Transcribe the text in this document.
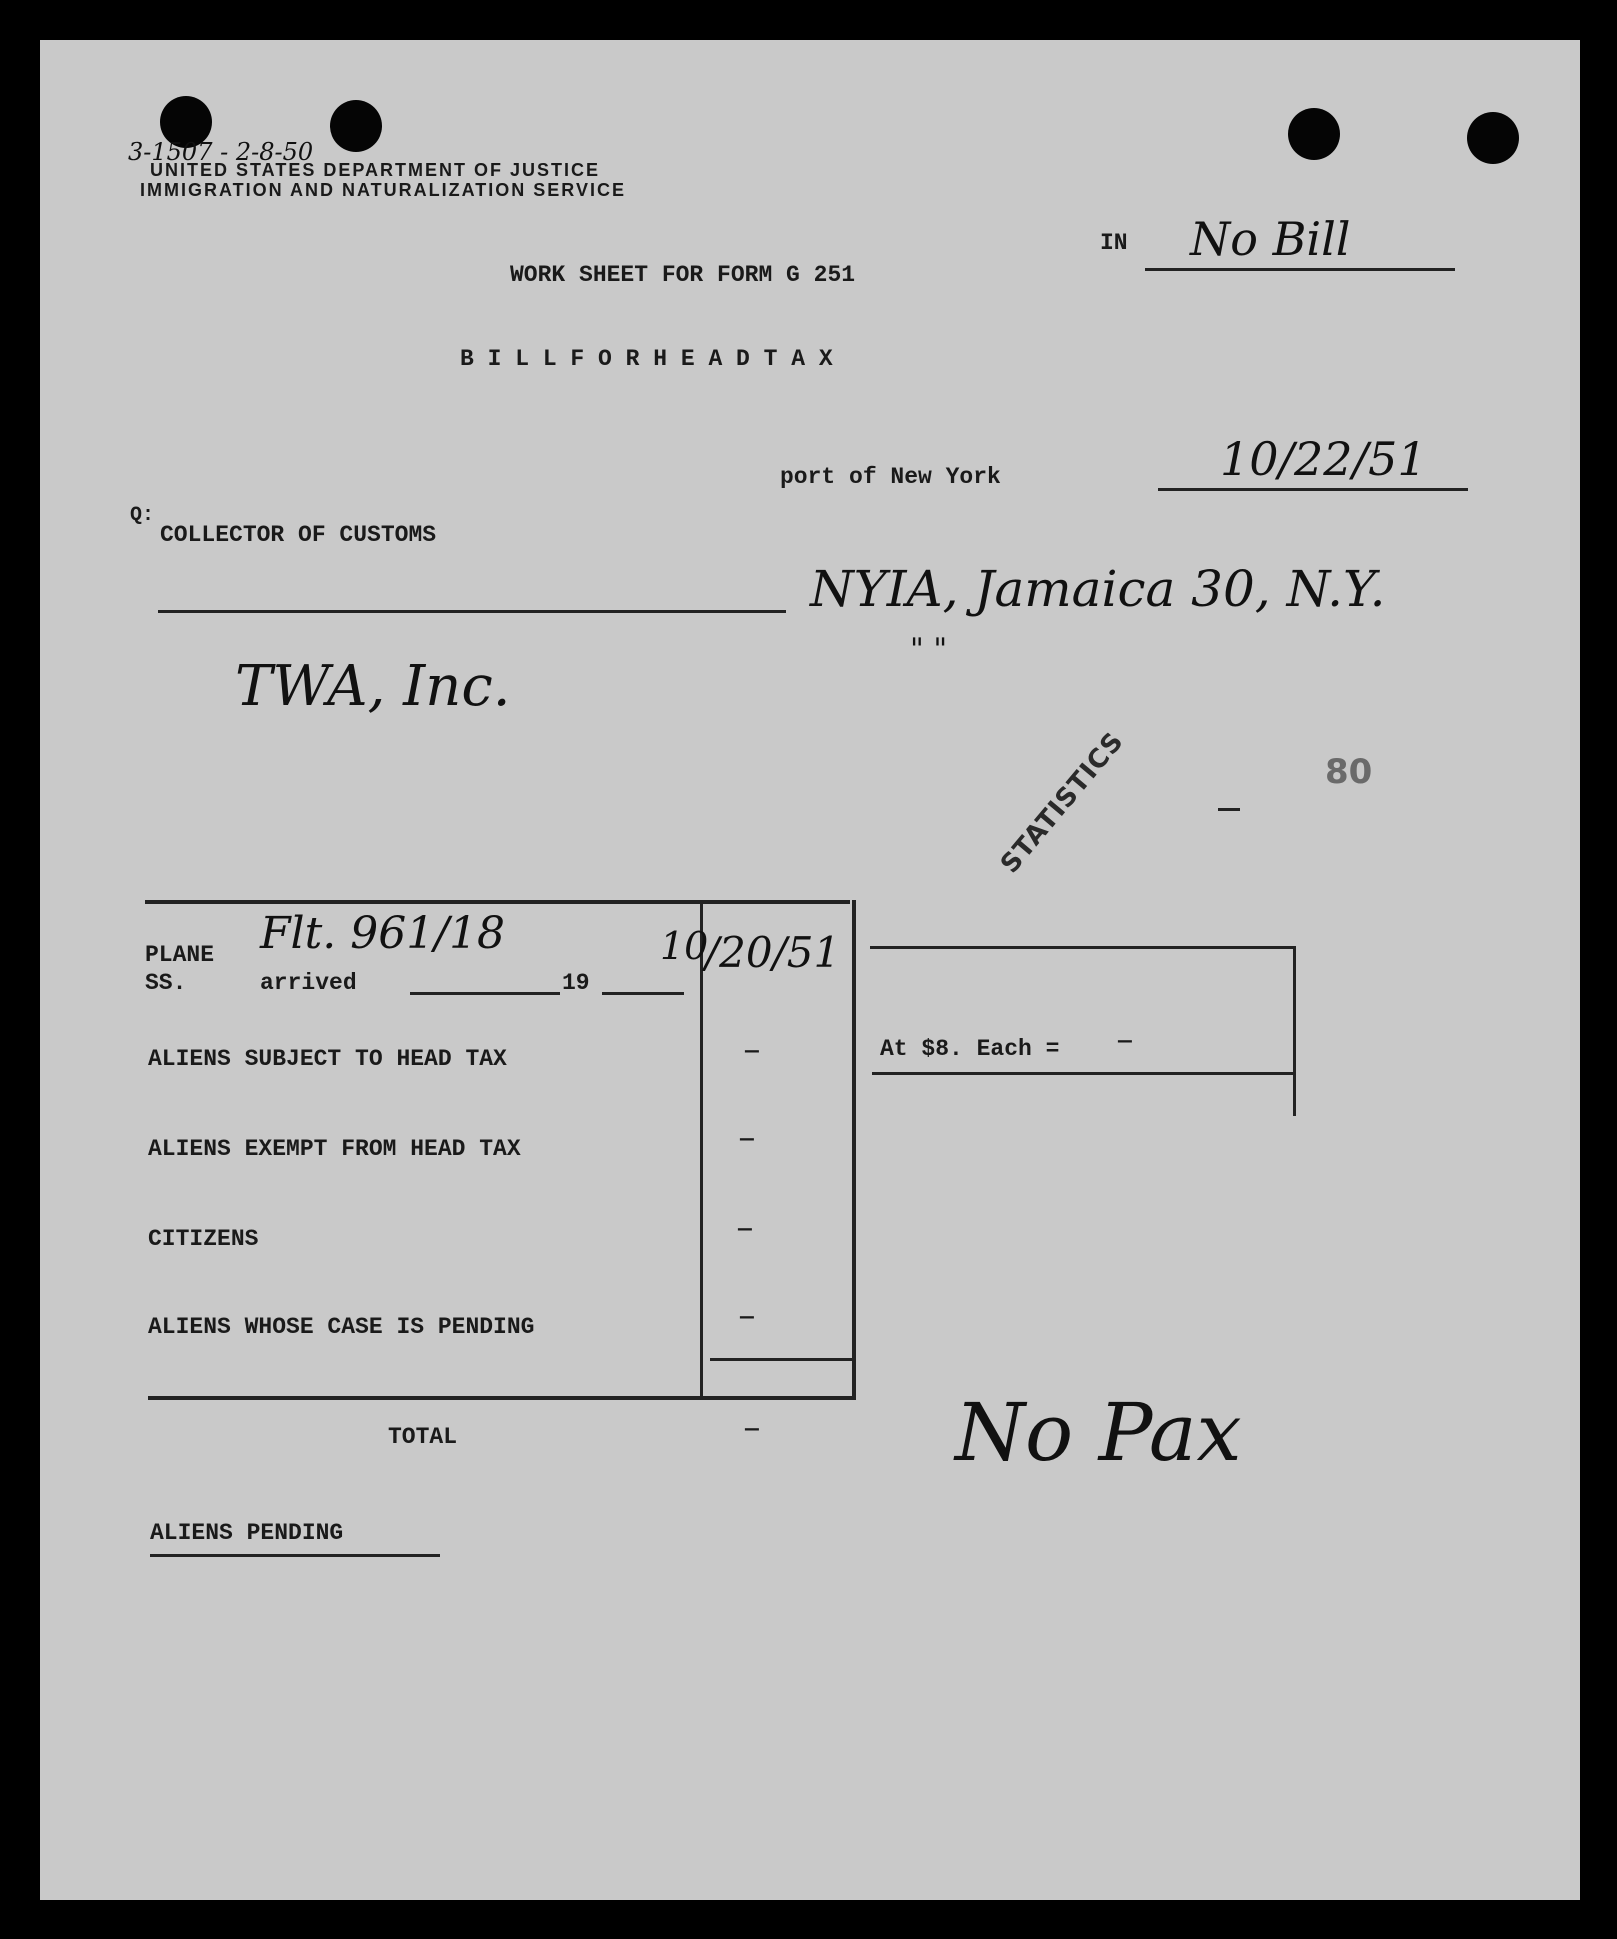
3-1507 - 2-8-50
UNITED STATES DEPARTMENT OF JUSTICE
IMMIGRATION AND NATURALIZATION SERVICE
IN No Bill
WORK SHEET FOR FORM G 251
B I L L F O R H E A D T A X
port of New York	10/22/51
Q:
COLLECTOR OF CUSTOMS
NYIA, Jamaica 30, N.Y.
" "
TWA, Inc.
STATISTICS	80
PLANE
SS.	arrived	19
Flt. 961/18	10
/20/51
ALIENS SUBJECT TO HEAD TAX	—
ALIENS EXEMPT FROM HEAD TAX	—
CITIZENS	—
ALIENS WHOSE CASE IS PENDING	—
TOTAL	—
At $8. Each =	—
No Pax
ALIENS PENDING
